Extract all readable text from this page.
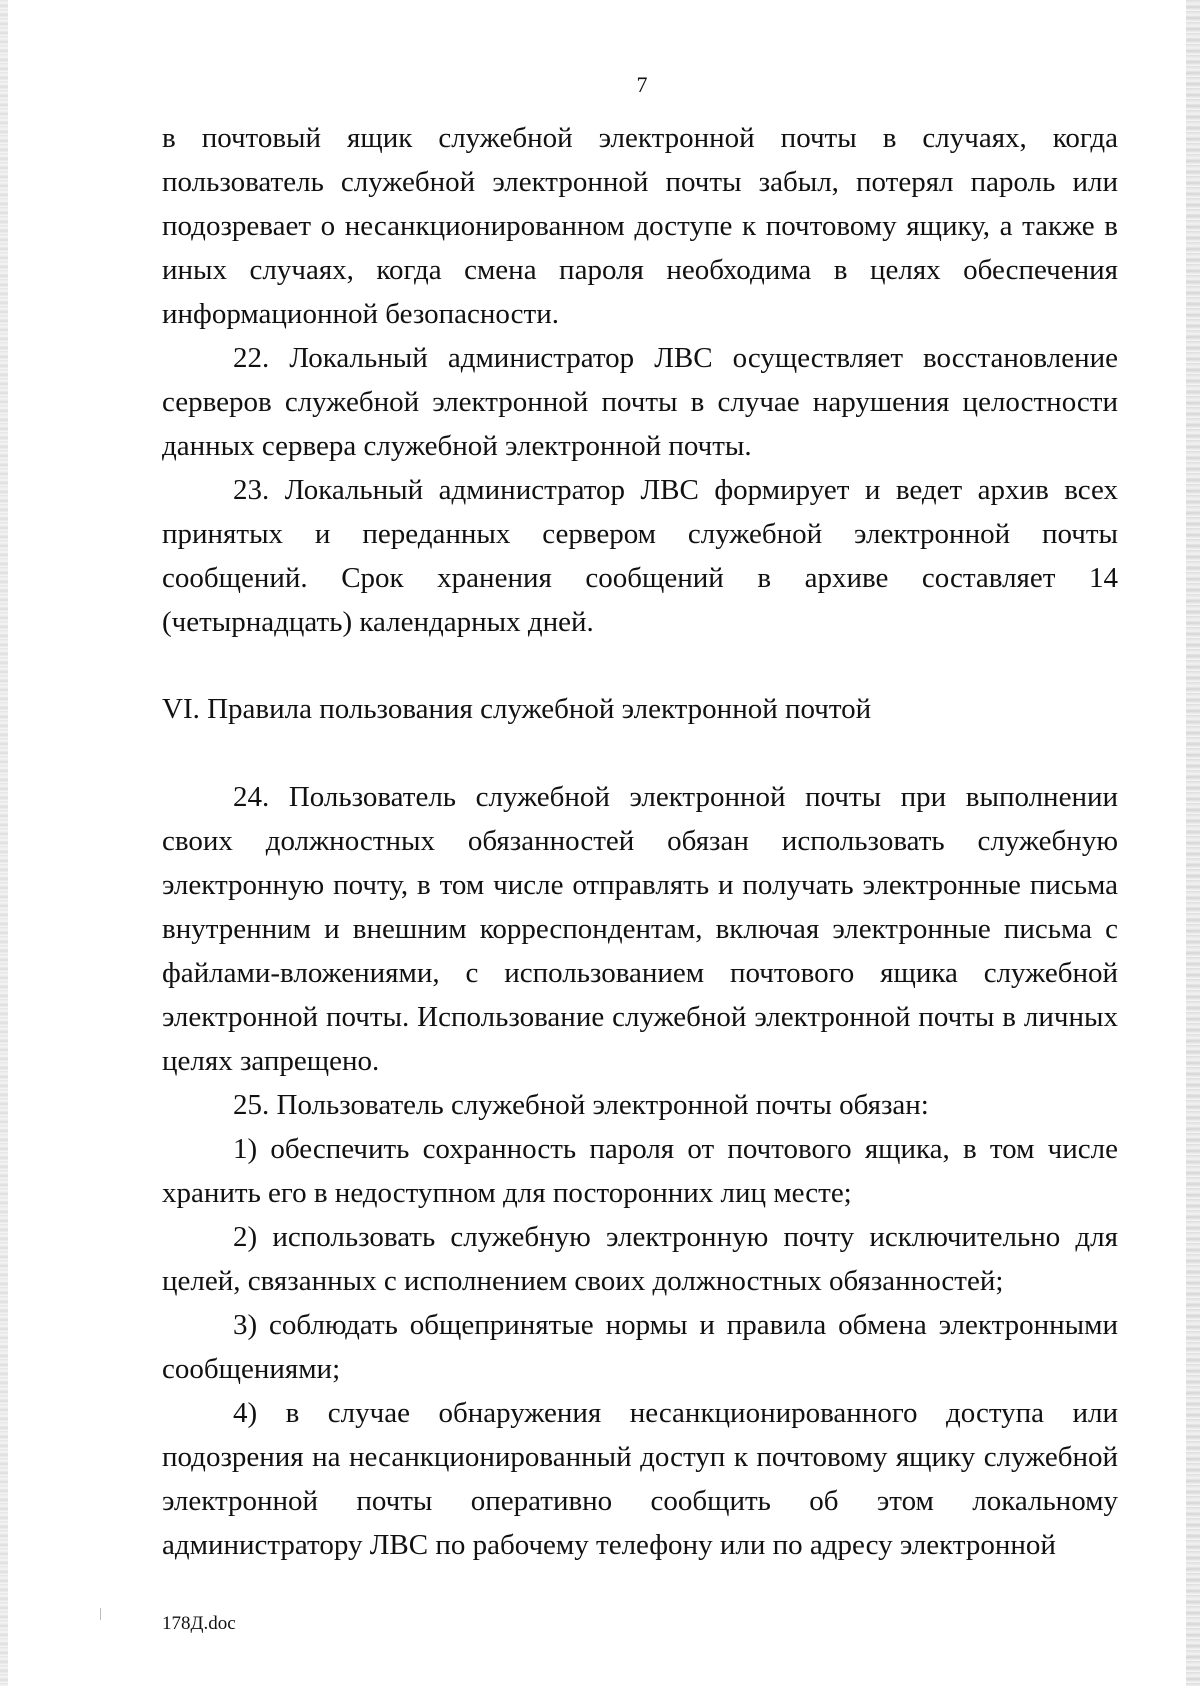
7

в почтовый ящик служебной электронной почты в случаях, когда пользователь служебной электронной почты забыл, потерял пароль или подозревает о несанкционированном доступе к почтовому ящику, а также в иных случаях, когда смена пароля необходима в целях обеспечения информационной безопасности.

22. Локальный администратор ЛВС осуществляет восстановление серверов служебной электронной почты в случае нарушения целостности данных сервера служебной электронной почты.

23. Локальный администратор ЛВС формирует и ведет архив всех принятых и переданных сервером служебной электронной почты сообщений. Срок хранения сообщений в архиве составляет 14 (четырнадцать) календарных дней.

VI. Правила пользования служебной электронной почтой

24. Пользователь служебной электронной почты при выполнении своих должностных обязанностей обязан использовать служебную электронную почту, в том числе отправлять и получать электронные письма внутренним и внешним корреспондентам, включая электронные письма с файлами-вложениями, с использованием почтового ящика служебной электронной почты. Использование служебной электронной почты в личных целях запрещено.

25. Пользователь служебной электронной почты обязан:

1) обеспечить сохранность пароля от почтового ящика, в том числе хранить его в недоступном для посторонних лиц месте;

2) использовать служебную электронную почту исключительно для целей, связанных с исполнением своих должностных обязанностей;

3) соблюдать общепринятые нормы и правила обмена электронными сообщениями;

4) в случае обнаружения несанкционированного доступа или подозрения на несанкционированный доступ к почтовому ящику служебной электронной почты оперативно сообщить об этом локальному администратору ЛВС по рабочему телефону или по адресу электронной

178Д.doc
